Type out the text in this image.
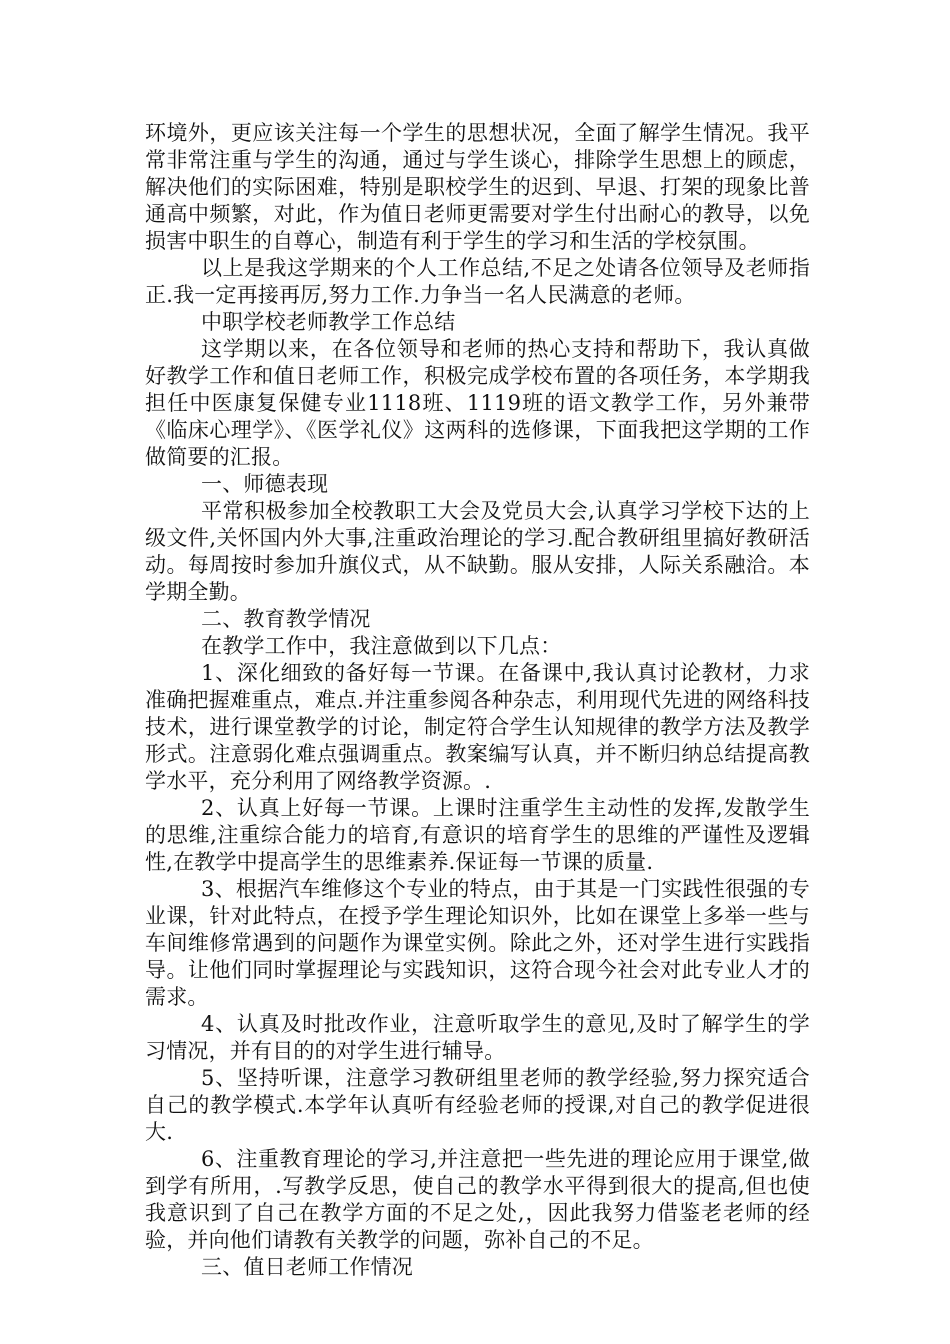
环境外，更应该关注每一个学生的思想状况，全面了解学生情况。我平常非常注重与学生的沟通，通过与学生谈心，排除学生思想上的顾虑，解决他们的实际困难，特别是职校学生的迟到、早退、打架的现象比普通高中频繁，对此，作为值日老师更需要对学生付出耐心的教导，以免损害中职生的自尊心，制造有利于学生的学习和生活的学校氛围。

以上是我这学期来的个人工作总结,不足之处请各位领导及老师指正.我一定再接再厉,努力工作.力争当一名人民满意的老师。

中职学校老师教学工作总结

这学期以来，在各位领导和老师的热心支持和帮助下，我认真做好教学工作和值日老师工作，积极完成学校布置的各项任务，本学期我担任中医康复保健专业1118班、1119班的语文教学工作，另外兼带《临床心理学》、《医学礼仪》这两科的选修课，下面我把这学期的工作做简要的汇报。

一、师德表现

平常积极参加全校教职工大会及党员大会,认真学习学校下达的上级文件,关怀国内外大事,注重政治理论的学习.配合教研组里搞好教研活动。每周按时参加升旗仪式，从不缺勤。服从安排，人际关系融洽。本学期全勤。

二、教育教学情况

在教学工作中，我注意做到以下几点：

1、深化细致的备好每一节课。在备课中,我认真讨论教材，力求准确把握难重点，难点.并注重参阅各种杂志，利用现代先进的网络科技技术，进行课堂教学的讨论，制定符合学生认知规律的教学方法及教学形式。注意弱化难点强调重点。教案编写认真，并不断归纳总结提高教学水平，充分利用了网络教学资源。.

2、认真上好每一节课。上课时注重学生主动性的发挥,发散学生的思维,注重综合能力的培育,有意识的培育学生的思维的严谨性及逻辑性,在教学中提高学生的思维素养.保证每一节课的质量.

3、根据汽车维修这个专业的特点，由于其是一门实践性很强的专业课，针对此特点，在授予学生理论知识外，比如在课堂上多举一些与车间维修常遇到的问题作为课堂实例。除此之外，还对学生进行实践指导。让他们同时掌握理论与实践知识，这符合现今社会对此专业人才的需求。

4、认真及时批改作业，注意听取学生的意见,及时了解学生的学习情况，并有目的的对学生进行辅导。

5、坚持听课，注意学习教研组里老师的教学经验,努力探究适合自己的教学模式.本学年认真听有经验老师的授课,对自己的教学促进很大.

6、注重教育理论的学习,并注意把一些先进的理论应用于课堂,做到学有所用，.写教学反思，使自己的教学水平得到很大的提高,但也使我意识到了自己在教学方面的不足之处,，因此我努力借鉴老老师的经验，并向他们请教有关教学的问题，弥补自己的不足。

三、值日老师工作情况
